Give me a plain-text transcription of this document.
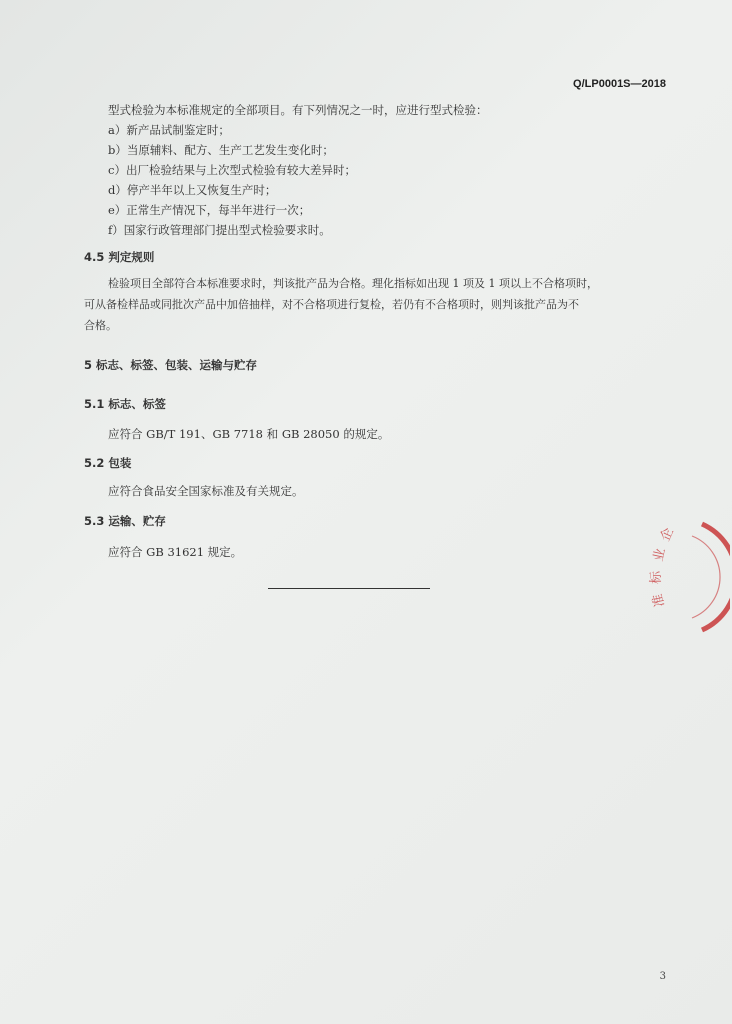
Q/LP0001S—2018
型式检验为本标准规定的全部项目。有下列情况之一时，应进行型式检验：
a）新产品试制鉴定时；
b）当原辅料、配方、生产工艺发生变化时；
c）出厂检验结果与上次型式检验有较大差异时；
d）停产半年以上又恢复生产时；
e）正常生产情况下，每半年进行一次；
f）国家行政管理部门提出型式检验要求时。
4.5 判定规则
检验项目全部符合本标准要求时，判该批产品为合格。理化指标如出现 1 项及 1 项以上不合格项时，
可从备检样品或同批次产品中加倍抽样，对不合格项进行复检，若仍有不合格项时，则判该批产品为不
合格。
5 标志、标签、包装、运输与贮存
5.1 标志、标签
应符合 GB/T 191、GB 7718 和 GB 28050 的规定。
5.2 包装
应符合食品安全国家标准及有关规定。
5.3 运输、贮存
应符合 GB 31621 规定。	业
标
准
企
3
